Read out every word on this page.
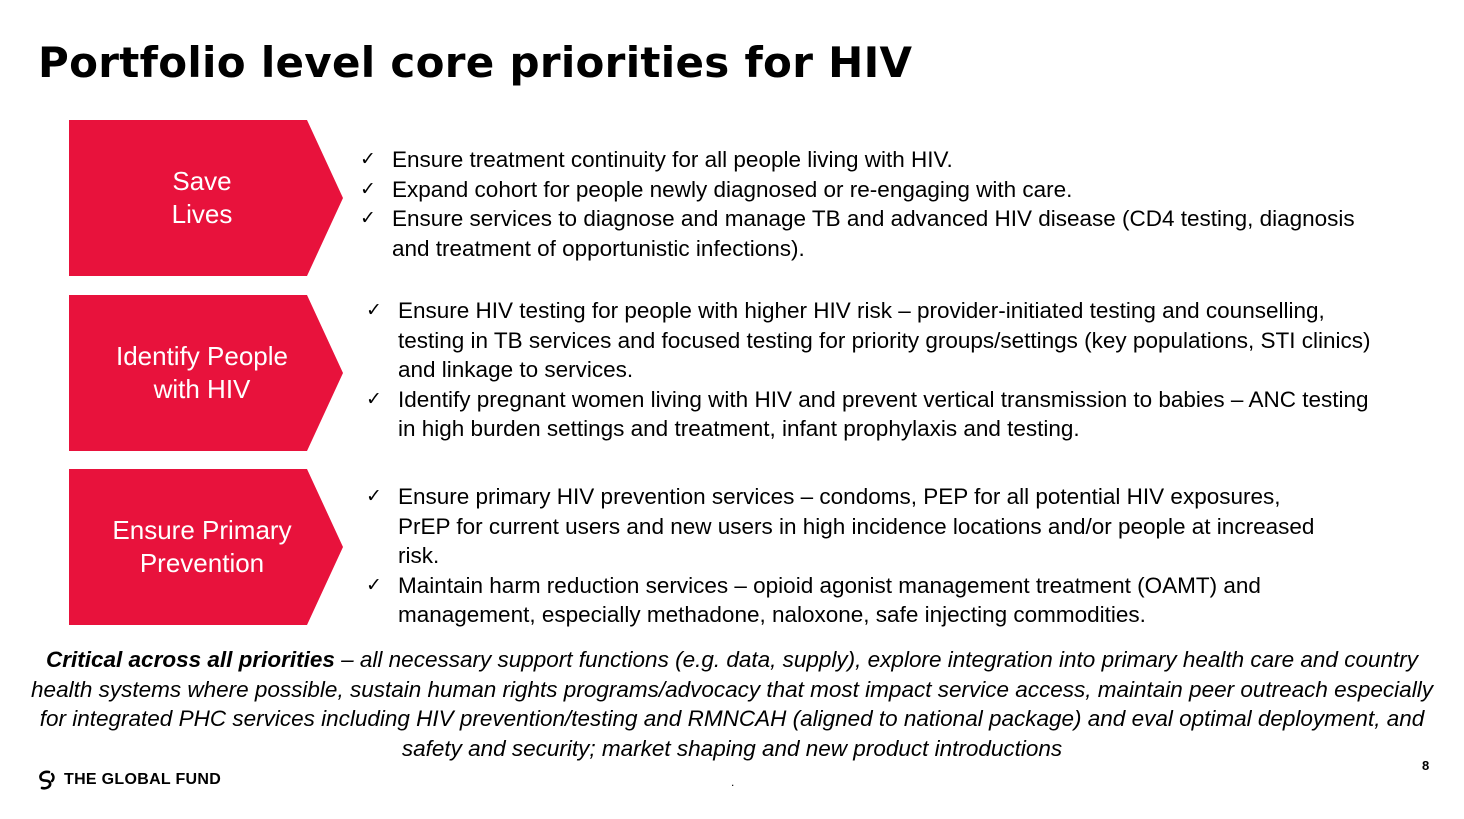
Portfolio level core priorities for HIV
Save
Lives
✓ Ensure treatment continuity for all people living with HIV.
✓ Expand cohort for people newly diagnosed or re-engaging with care.
✓ Ensure services to diagnose and manage TB and advanced HIV disease (CD4 testing, diagnosis and treatment of opportunistic infections).
Identify People
with HIV
✓ Ensure HIV testing for people with higher HIV risk – provider-initiated testing and counselling, testing in TB services and focused testing for priority groups/settings (key populations, STI clinics) and linkage to services.
✓ Identify pregnant women living with HIV and prevent vertical transmission to babies – ANC testing in high burden settings and treatment, infant prophylaxis and testing.
Ensure Primary
Prevention
✓ Ensure primary HIV prevention services – condoms, PEP for all potential HIV exposures, PrEP for current users and new users in high incidence locations and/or people at increased risk.
✓ Maintain harm reduction services – opioid agonist management treatment (OAMT) and management, especially methadone, naloxone, safe injecting commodities.

Critical across all priorities – all necessary support functions (e.g. data, supply), explore integration into primary health care and country health systems where possible, sustain human rights programs/advocacy that most impact service access, maintain peer outreach especially for integrated PHC services including HIV prevention/testing and RMNCAH (aligned to national package) and eval optimal deployment, and safety and security; market shaping and new product introductions

THE GLOBAL FUND	.
8
